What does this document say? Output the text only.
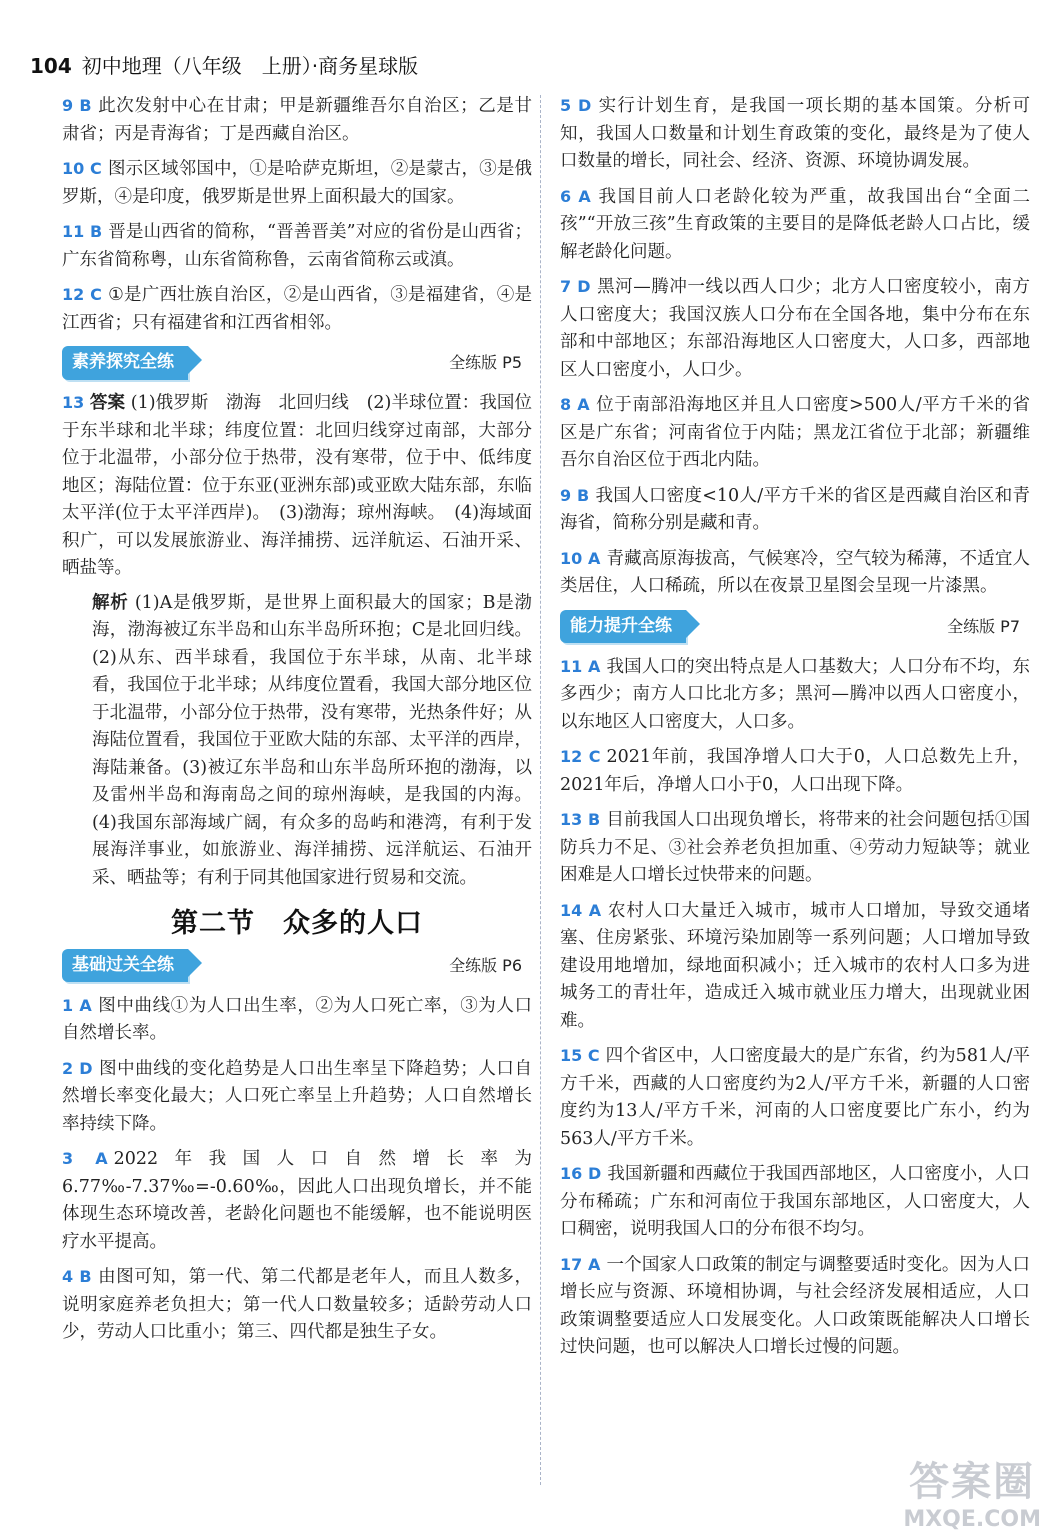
104 初中地理（八年级　上册）·商务星球版
9 B 此次发射中心在甘肃；甲是新疆维吾尔自治区；乙是甘肃省；丙是青海省；丁是西藏自治区。
10 C 图示区域邻国中，①是哈萨克斯坦，②是蒙古，③是俄罗斯，④是印度，俄罗斯是世界上面积最大的国家。
11 B 晋是山西省的简称，“晋善晋美”对应的省份是山西省；广东省简称粤，山东省简称鲁，云南省简称云或滇。
12 C ①是广西壮族自治区，②是山西省，③是福建省，④是江西省；只有福建省和江西省相邻。
素养探究全练	全练版 P5
13 答案 (1)俄罗斯　渤海　北回归线　(2)半球位置：我国位于东半球和北半球；纬度位置：北回归线穿过南部，大部分位于北温带，小部分位于热带，没有寒带，位于中、低纬度地区；海陆位置：位于东亚(亚洲东部)或亚欧大陆东部，东临太平洋(位于太平洋西岸)。　(3)渤海；琼州海峡。　(4)海域面积广，可以发展旅游业、海洋捕捞、远洋航运、石油开采、晒盐等。
解析 (1)A是俄罗斯，是世界上面积最大的国家；B是渤海，渤海被辽东半岛和山东半岛所环抱；C是北回归线。(2)从东、西半球看，我国位于东半球，从南、北半球看，我国位于北半球；从纬度位置看，我国大部分地区位于北温带，小部分位于热带，没有寒带，光热条件好；从海陆位置看，我国位于亚欧大陆的东部、太平洋的西岸，海陆兼备。(3)被辽东半岛和山东半岛所环抱的渤海，以及雷州半岛和海南岛之间的琼州海峡，是我国的内海。(4)我国东部海域广阔，有众多的岛屿和港湾，有利于发展海洋事业，如旅游业、海洋捕捞、远洋航运、石油开采、晒盐等；有利于同其他国家进行贸易和交流。
第二节　众多的人口
基础过关全练	全练版 P6
1 A 图中曲线①为人口出生率，②为人口死亡率，③为人口自然增长率。
2 D 图中曲线的变化趋势是人口出生率呈下降趋势；人口自然增长率变化最大；人口死亡率呈上升趋势；人口自然增长率持续下降。
3 A 2022年我国人口自然增长率为6.77‰-7.37‰=-0.60‰，因此人口出现负增长，并不能体现生态环境改善，老龄化问题也不能缓解，也不能说明医疗水平提高。
4 B 由图可知，第一代、第二代都是老年人，而且人数多，说明家庭养老负担大；第一代人口数量较多；适龄劳动人口少，劳动人口比重小；第三、四代都是独生子女。
5 D 实行计划生育，是我国一项长期的基本国策。分析可知，我国人口数量和计划生育政策的变化，最终是为了使人口数量的增长，同社会、经济、资源、环境协调发展。
6 A 我国目前人口老龄化较为严重，故我国出台“全面二孩”“开放三孩”生育政策的主要目的是降低老龄人口占比，缓解老龄化问题。
7 D 黑河—腾冲一线以西人口少；北方人口密度较小，南方人口密度大；我国汉族人口分布在全国各地，集中分布在东部和中部地区；东部沿海地区人口密度大，人口多，西部地区人口密度小，人口少。
8 A 位于南部沿海地区并且人口密度>500人/平方千米的省区是广东省；河南省位于内陆；黑龙江省位于北部；新疆维吾尔自治区位于西北内陆。
9 B 我国人口密度<10人/平方千米的省区是西藏自治区和青海省，简称分别是藏和青。
10 A 青藏高原海拔高，气候寒冷，空气较为稀薄，不适宜人类居住，人口稀疏，所以在夜景卫星图会呈现一片漆黑。
能力提升全练	全练版 P7
11 A 我国人口的突出特点是人口基数大；人口分布不均，东多西少；南方人口比北方多；黑河—腾冲以西人口密度小，以东地区人口密度大，人口多。
12 C 2021年前，我国净增人口大于0，人口总数先上升，2021年后，净增人口小于0，人口出现下降。
13 B 目前我国人口出现负增长，将带来的社会问题包括①国防兵力不足、③社会养老负担加重、④劳动力短缺等；就业困难是人口增长过快带来的问题。
14 A 农村人口大量迁入城市，城市人口增加，导致交通堵塞、住房紧张、环境污染加剧等一系列问题；人口增加导致建设用地增加，绿地面积减小；迁入城市的农村人口多为进城务工的青壮年，造成迁入城市就业压力增大，出现就业困难。
15 C 四个省区中，人口密度最大的是广东省，约为581人/平方千米，西藏的人口密度约为2人/平方千米，新疆的人口密度约为13人/平方千米，河南的人口密度要比广东小，约为563人/平方千米。
16 D 我国新疆和西藏位于我国西部地区，人口密度小，人口分布稀疏；广东和河南位于我国东部地区，人口密度大，人口稠密，说明我国人口的分布很不均匀。
17 A 一个国家人口政策的制定与调整要适时变化。因为人口增长应与资源、环境相协调，与社会经济发展相适应，人口政策调整要适应人口发展变化。人口政策既能解决人口增长过快问题，也可以解决人口增长过慢的问题。
答案圈
MXQE.COM
